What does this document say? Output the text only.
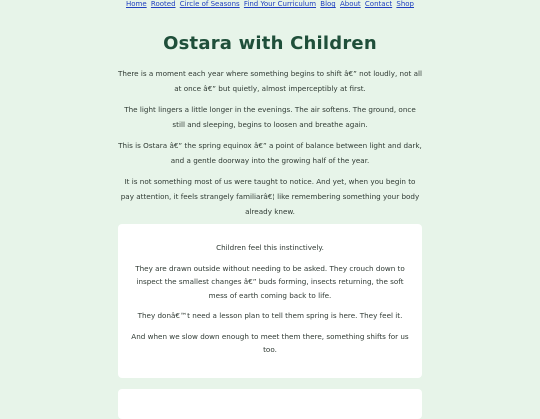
Home Rooted Circle of Seasons Find Your Curriculum Blog About Contact Shop
Ostara with Children

There is a moment each year where something begins to shift â€” not loudly, not all at once â€” but quietly, almost imperceptibly at first.

The light lingers a little longer in the evenings. The air softens. The ground, once still and sleeping, begins to loosen and breathe again.

This is Ostara â€” the spring equinox â€” a point of balance between light and dark, and a gentle doorway into the growing half of the year.

It is not something most of us were taught to notice. And yet, when you begin to pay attention, it feels strangely familiarâ€¦ like remembering something your body already knew.

Children feel this instinctively.

They are drawn outside without needing to be asked. They crouch down to inspect the smallest changes â€” buds forming, insects returning, the soft mess of earth coming back to life.

They donâ€™t need a lesson plan to tell them spring is here. They feel it.

And when we slow down enough to meet them there, something shifts for us too.
